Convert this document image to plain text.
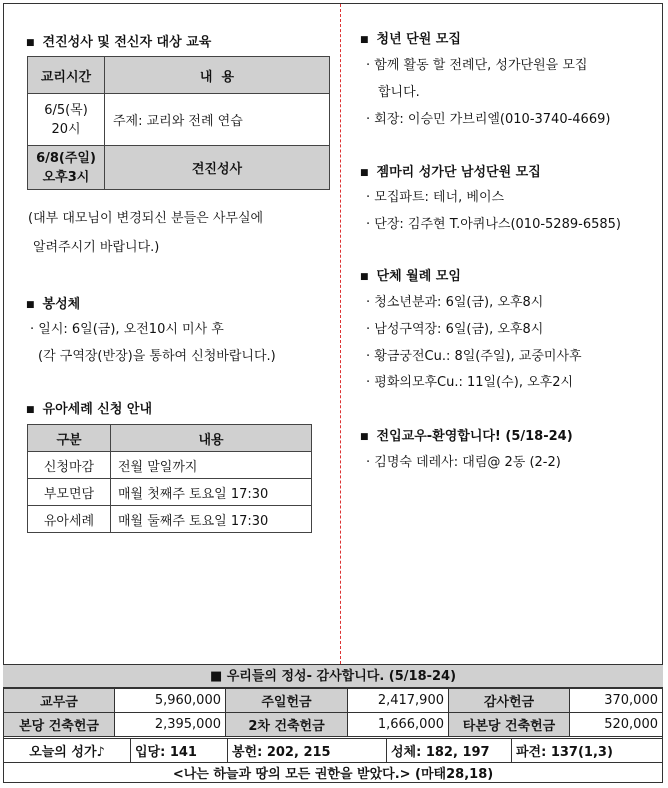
■ 견진성사 및 전신자 대상 교육
교리시간	내  용
6/5(목)
20시	주제: 교리와 전례 연습
6/8(주일)
오후3시	견진성사
(대부 대모님이 변경되신 분들은 사무실에
알려주시기 바랍니다.)
■ 봉성체
· 일시: 6일(금), 오전10시 미사 후
(각 구역장(반장)을 통하여 신청바랍니다.)
■ 유아세례 신청 안내
구분	내용
신청마감	전월 말일까지
부모면담	매월 첫째주 토요일 17:30
유아세례	매월 둘째주 토요일 17:30
■ 청년 단원 모집
· 함께 활동 할 전례단, 성가단원을 모집
합니다.
· 회장: 이승민 가브리엘(010-3740-4669)
■ 젬마리 성가단 남성단원 모집
· 모집파트: 테너, 베이스
· 단장: 김주현 T.아퀴나스(010-5289-6585)
■ 단체 월례 모임
· 청소년분과: 6일(금), 오후8시
· 남성구역장: 6일(금), 오후8시
· 황금궁전Cu.: 8일(주일), 교중미사후
· 평화의모후Cu.: 11일(수), 오후2시
■ 전입교우-환영합니다! (5/18-24)
· 김명숙 데레사: 대림@ 2동 (2-2)
■ 우리들의 정성- 감사합니다. (5/18-24)
교무금	5,960,000	주일헌금	2,417,900	감사헌금	370,000
본당 건축헌금	2,395,000	2차 건축헌금	1,666,000	타본당 건축헌금	520,000
오늘의 성가♪	입당: 141	봉헌: 202, 215	성체: 182, 197	파견: 137(1,3)
<나는 하늘과 땅의 모든 권한을 받았다.> (마태28,18)
